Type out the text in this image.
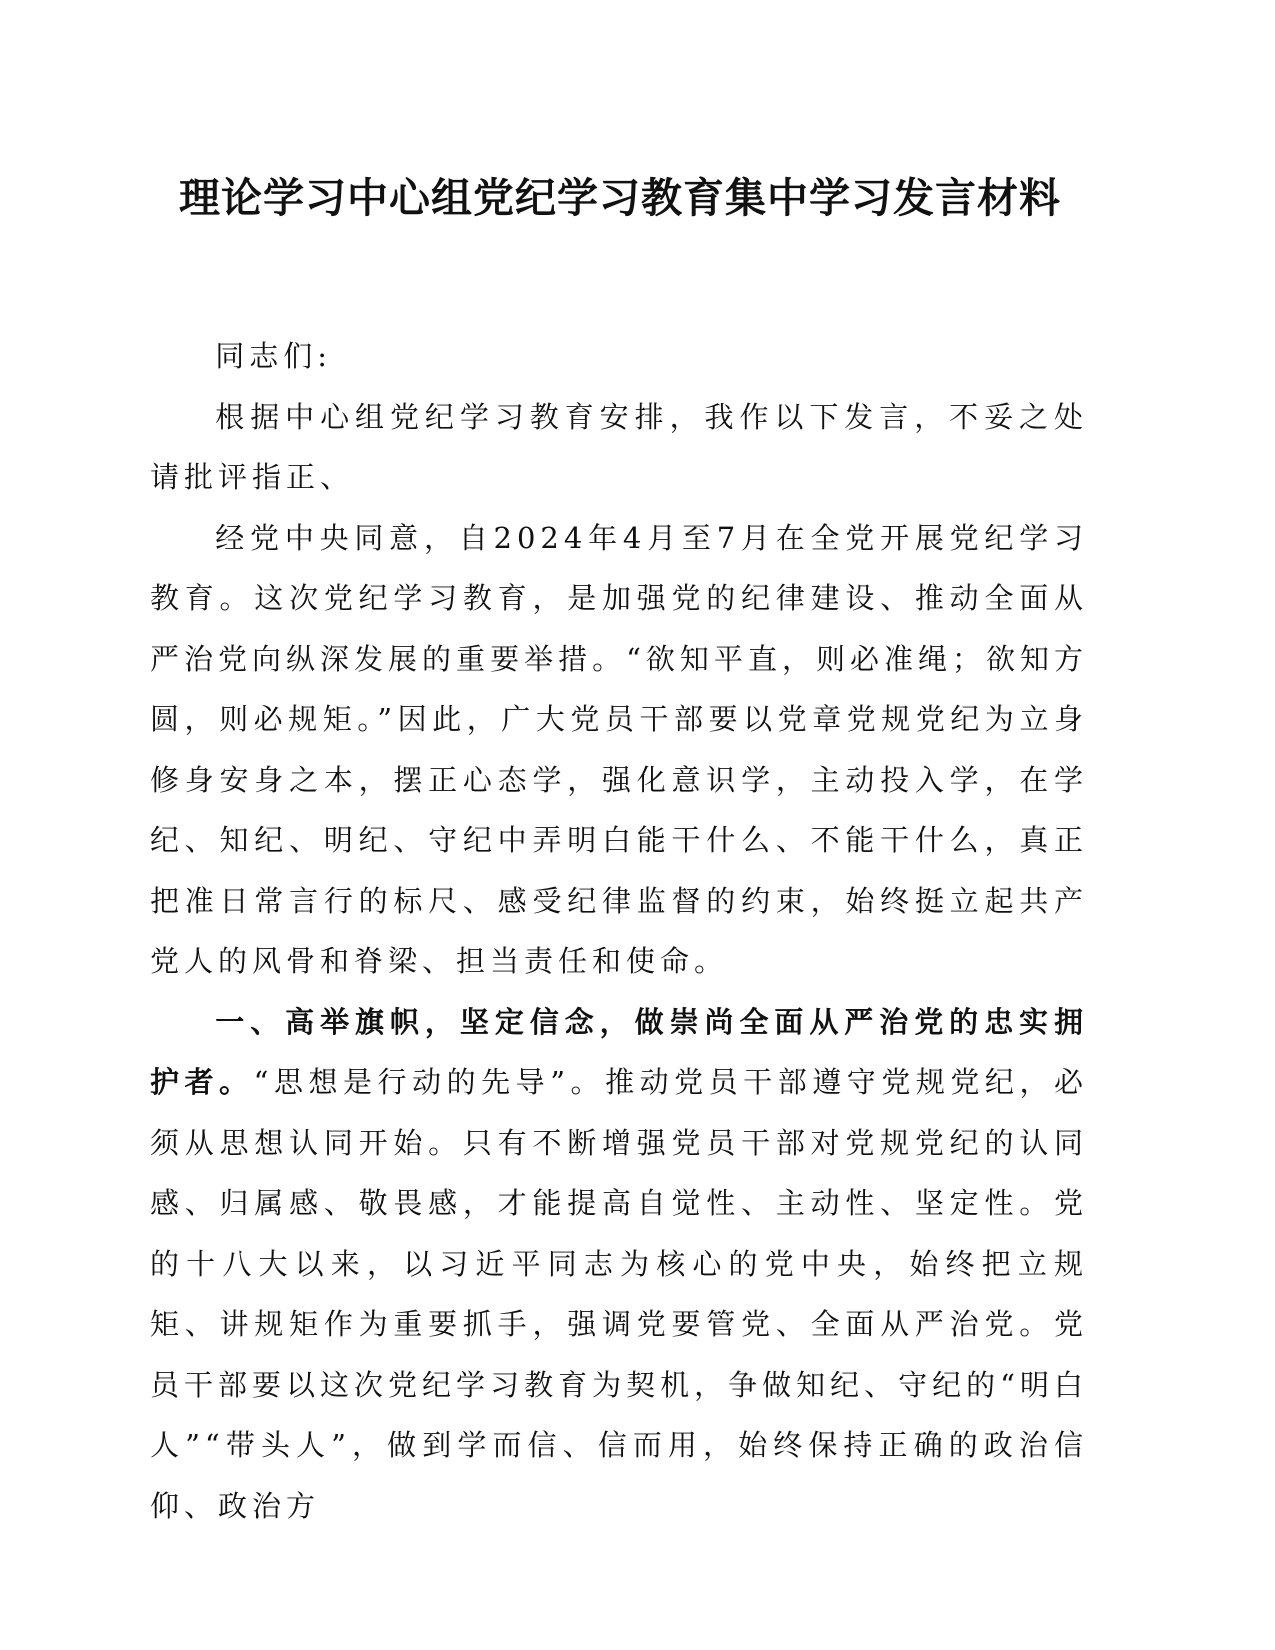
理论学习中心组党纪学习教育集中学习发言材料

同志们:

根据中心组党纪学习教育安排，我作以下发言，不妥之处请批评指正、

经党中央同意，自2024年4月至7月在全党开展党纪学习教育。这次党纪学习教育，是加强党的纪律建设、推动全面从严治党向纵深发展的重要举措。“欲知平直，则必准绳；欲知方圆，则必规矩。”因此，广大党员干部要以党章党规党纪为立身修身安身之本，摆正心态学，强化意识学，主动投入学，在学纪、知纪、明纪、守纪中弄明白能干什么、不能干什么，真正把准日常言行的标尺、感受纪律监督的约束，始终挺立起共产党人的风骨和脊梁、担当责任和使命。

一、高举旗帜，坚定信念，做崇尚全面从严治党的忠实拥护者。“思想是行动的先导”。推动党员干部遵守党规党纪，必须从思想认同开始。只有不断增强党员干部对党规党纪的认同感、归属感、敬畏感，才能提高自觉性、主动性、坚定性。党的十八大以来，以习近平同志为核心的党中央，始终把立规矩、讲规矩作为重要抓手，强调党要管党、全面从严治党。党员干部要以这次党纪学习教育为契机，争做知纪、守纪的“明白人”“带头人”，做到学而信、信而用，始终保持正确的政治信仰、政治方
